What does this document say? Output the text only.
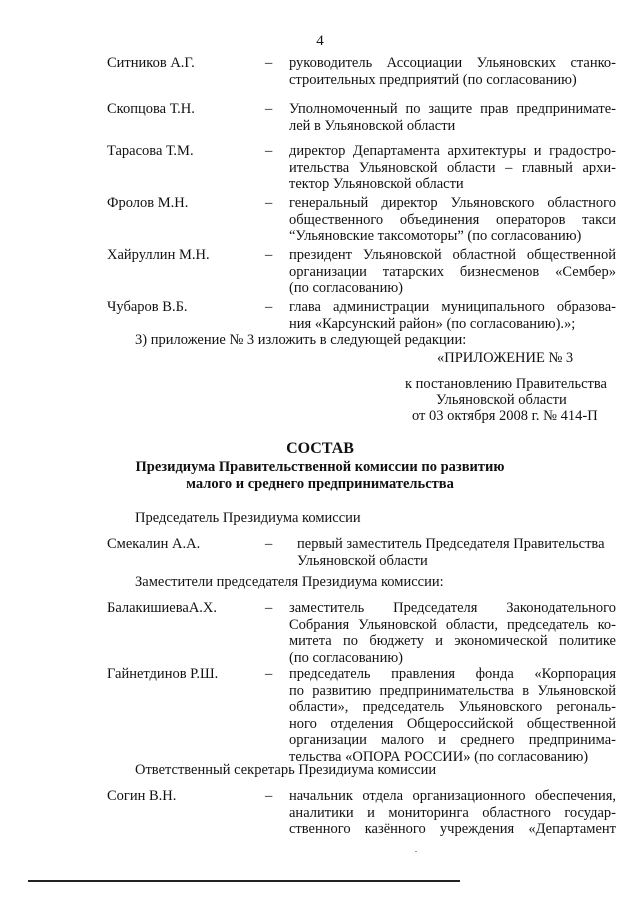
4
Ситников А.Г.	– руководитель Ассоциации Ульяновских станко-
строительных предприятий (по согласованию)
Скопцова Т.Н.	– Уполномоченный по защите прав предпринимате-
лей в Ульяновской области
Тарасова Т.М.	– директор Департамента архитектуры и градостро-
ительства Ульяновской области – главный архи-
тектор Ульяновской области
Фролов М.Н.	– генеральный директор Ульяновского областного
общественного объединения операторов такси
“Ульяновские таксомоторы” (по согласованию)
Хайруллин М.Н.	– президент Ульяновской областной общественной
организации татарских бизнесменов «Сембер»
(по согласованию)
Чубаров В.Б.	– глава администрации муниципального образова-
ния «Карсунский район» (по согласованию).»;
3) приложение № 3 изложить в следующей редакции:
«ПРИЛОЖЕНИЕ № 3
к постановлению Правительства
Ульяновской области
от 03 октября 2008 г. № 414-П
СОСТАВ
Президиума Правительственной комиссии по развитию
малого и среднего предпринимательства
Председатель Президиума комиссии
Смекалин А.А.	– первый заместитель Председателя Правительства
Ульяновской области
Заместители председателя Президиума комиссии:
БалакишиеваА.Х.	– заместитель Председателя Законодательного
Собрания Ульяновской области, председатель ко-
митета по бюджету и экономической политике
(по согласованию)
Гайнетдинов Р.Ш.	– председатель правления фонда «Корпорация
по развитию предпринимательства в Ульяновской
области», председатель Ульяновского регональ-
ного отделения Общероссийской общественной
организации малого и среднего предпринима-
тельства «ОПОРА РОССИИ» (по согласованию)
Ответственный секретарь Президиума комиссии
Согин В.Н.	– начальник отдела организационного обеспечения,
аналитики и мониторинга областного государ-
ственного казённого учреждения «Департамент
